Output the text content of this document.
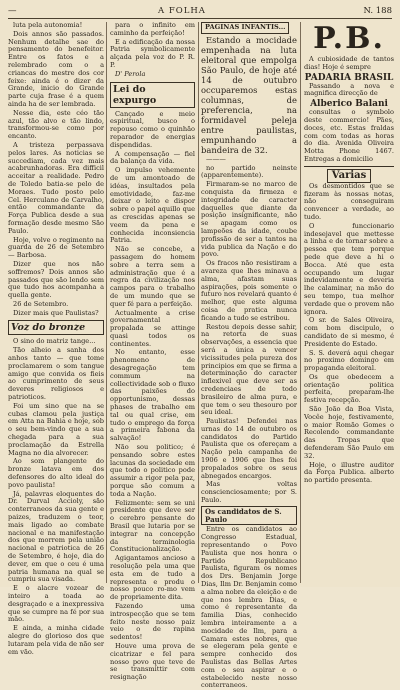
—	A FOLHA	N. 188

luta pela autonomia!

Dois annos são passados. Nenhum detalhe sae do pensamento do benefeitor. Entre os fatos e a relembrado com o a criancas do mestre dos cor feixe: ainda é o dizer da Grande, inicio do Grande parte cuja frase é a quem ainda ha de ser lembrada.

Nesse dia, este céo tão azul, tão alvo e tão lindo, transformou-se como por encanto.

A tristeza perpassava pelos lares. As noticias se succediam, cada vez mais acabrunhadoras. Era difficil acceitar a realidade. Pedro de Toledo batia-se pelo de Moraes. Tudo posto pelo Cel. Herculano de Carvalho, então commandante da Força Publica desde a sua formação desde mesmo São Paulo.

Hoje, volve o regimento na guarda de 26 de Setembro — Barbosa.

Dizer que nos não soffremos? Dois annos são passados que são lendo sem que tudo nos acompanha a quella gente.

26 de Setembro.

Dizer mais que Paulistas?

Voz do bronze

O sino do matriz tange...

Tão alheio a sanha dos anhos tanto — que tome proclamarem o som tangue amigo que convida os fieis ao cumprimento de seus deveres religiosos e patrioticos.

Foi um sino que na se cubas clamou pela justiça em Atta na Bahia e hoje, sob o seu bem-vindo que a sua chegada para a sua proclamação da Estrella Magna no dia alvorecer.

Ao som plangente do bronze latava em dos defensores do alto ideal do povo paulista!

Já, palavras eloquentes do Dr. Durval Accioly, são conterraneos da sua gente e paizes, traduzem o teor, mais ligado ao combate nacional e na manifestação dos que morrem pela união nacional e patriotica de 26 de Setembro, é hoje, dia do dever, em que o ceu é uma patria humana na qual se cumpriu sua visada.

E o alacre vozear de inteiro a toada ao desgraçado e a inexpressiva que se cumpre na fé por sua mão.

E ainda, a minha cidade alegre do glorioso dos que lutaram pela vida de não ser em vão.

para o infinito em caminho da perfeição!

E a edificação da nossa Patria symbolicamente alçada pela voz do P. R. P.

D' Perola

Lei do expurgo

Cançado e meio espiritual, busco o repouso como o quinhão reparador de energias dispendidas.

A compensação — fiel da balança da vida.

O impulso vehemente de um amontoado de idéas, insultados pela emotividade, faz-me deixar o leito e dispor sobre o papel aquillo que as crescidas apenas se veem da pena e conhecida inconsiencia Patria.

Não se concebe, a passagem do homem sobre a terra sem a administração que é a regra da civilização nos campos para o trabalho de um mundo que se quer fé para a perfeição.

Actualmente a crise governamental propalada se attinge quasi todos os continentes.

No entanto, esse phenomeno de desagregação tem commum na collectividade sob o fluxo das paixões do opportunismo, dessas phases de trabalho em tal ou qual crise, em tudo o emprego da força a primeira fabona da salvação!

Não sou politico; é pensando sobre estes lacunas da sociedade em que todo o politico pode assumir a rigor pela paz, porque são comum a toda a Nação.

Felizmente: sem se uni presidente que deve ser o cerebro pensante do Brasil que lutaria por se integrar na concepção da terminologia Constitucionalização.

Agigantamos ancioso a resolução pela uma que esta em de tudo a representa e produ o nosso pouco ro-mo vem de propriamente dita.

Fazendo uma introspecção que se tem feito neste nosso paiz veio o de rapina sedentos!

Houve uma prova de cicatrizar e fel para nosso povo que teve de se transmittir com resignação

PAGINAS INFANTIS...

Estando a mocidade empenhada na luta eleitoral que empolga São Paulo, de hoje até 14 de outubro occuparemos estas columnas, de preferencia, na formidavel peleja entre paulistas, empunhando a bandeira de 32.

———

no partido neinste (apparentemente).

Firmaram-se no marco de conquista da firmeza e integridade de caracter daquelles que diante da posição insignificante, não se apagam como os lampeões da idade, coube profissão de ser a tantos na vida publica da Nação e do povo.

Os fracos não resistiram a avareza que lhes minava a alma, afastam suas aspirações, pois somente o futuro nos revelará quanto é melhor, que este alguma coisa de pratica nunca ficando a tudo se estribou.

Restou depois desse sahir, na retorta de suas observações, a essencia que será a única a vencer vicissitudes pela pureza dos principios em que se firma a determinação do caracter inflexivel que deve ser as credenciaes de todo brasileiro de alma pura, e que tem o seu thesouro por seu ideal.

Paulistas! Defendei nas urnas do 14 de outubro os candidatos do Partido Paulista que os ofereçam a Nação pela campanha de 1906 e 1906 que lhes foi propalados sobre os seus abnegados encargos.

Mas voltas conscienciosamente; por S. Paulo.

Os candidatos de S. Paulo

Entre os candidatos ao Congresso Estadual, representando o Povo Paulista que nos honra o Partido Republicano Paulista, figuram os nomes dos Drs. Benjamin Jorge Dias, Ilm Dr. Benjamin como a alma nobre da eleição e de que nos lembra Dias, e como é representante da familia Dias, conhecido lembra inteiramente a a mocidade de Ilm, para a Camara estes nobres, que se elegeram pela gente e sempre conhecido dos Paulistas das Bellas Artes com o seu aspirar e o estabelecido neste nosso conterraneos.

P.B.

A cubiosidade de tantos dias! Hoje é sempre

PADARIA BRASIL

Passando a nova e magnifica direcção de

Alberico Balani

consultas o symbolo deste commercio! Pães, doces, etc. Estas fraldas com com todas as horas do dia. Avenida Oliveira Motta Phone 1467. Entregas a domicilio

Varias

Os desmontidos que se fizeram às nossas notas, não conseguiram convencer a verdade, ao tudo.

O funccionario indesejavel que mettesse a linha e de tornar sobre a pessoa que tem porque pede que deve a hi o Bocca. Até que esta occupando um lugar indevidamente e deveria lhe calaminar, na mão do seu tempo, tua melhor verdade que o provem não ignora.

O sr. de Sales Oliveira, com bom discipulo, o candidato de si mesmo, é Presidente do Estado.

S. S. deverá aqui chegar no proximo domingo em propaganda eleitoral.

Os que obedecem a orientação politica perfeita, preparam-lhe festiva recepção.

São João da Boa Vista, Vocêe hoje, festivamente, o maior Romão Gomes o Recolendo commandante das Tropas que defenderam São Paulo em 32.

Hoje, o illustre auditor da Força Publica. alberto no partido presenta.
